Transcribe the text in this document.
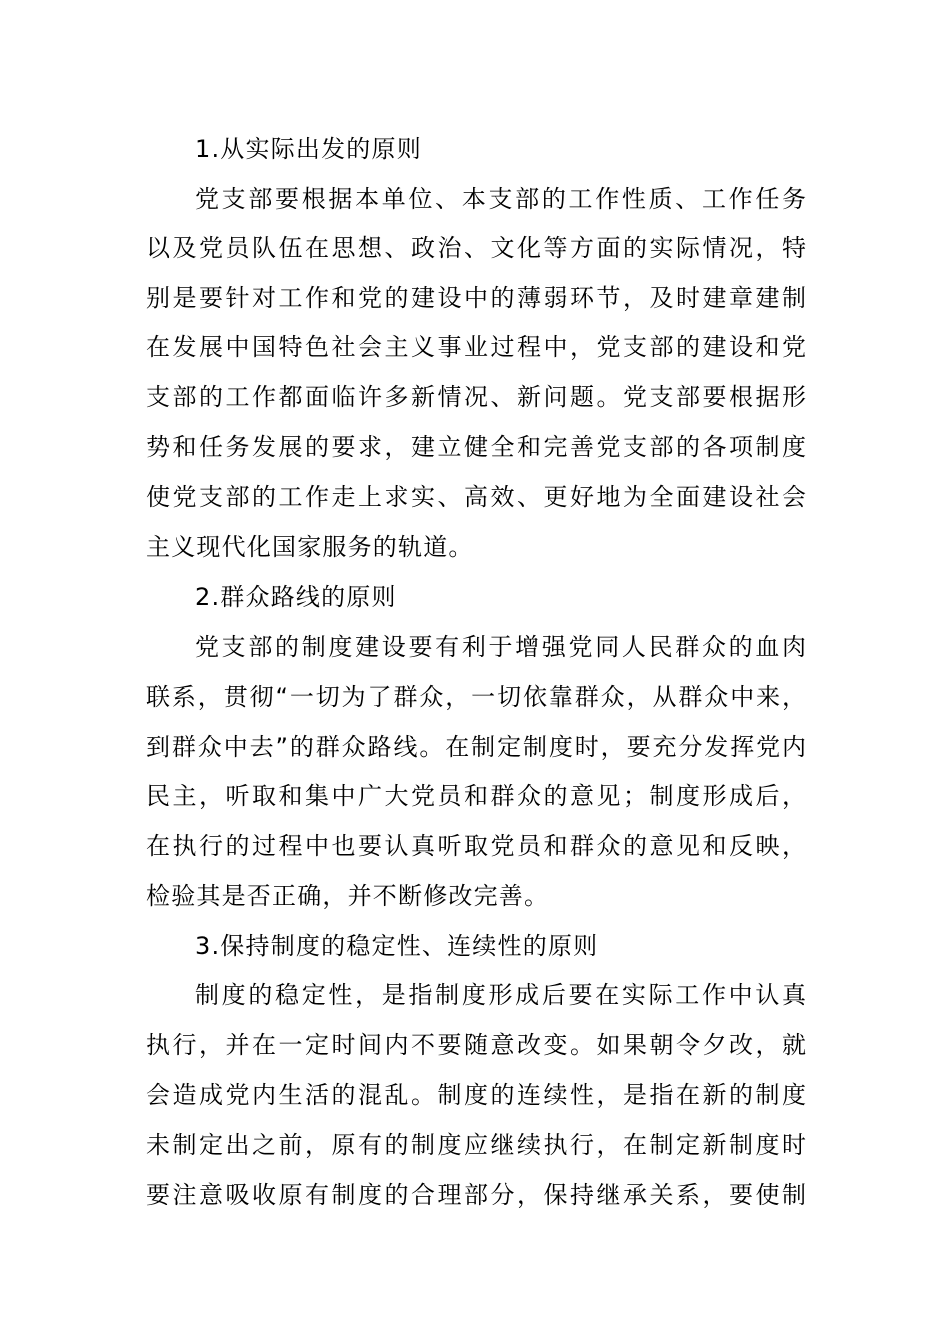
1.从实际出发的原则
党支部要根据本单位、本支部的工作性质、工作任务
以及党员队伍在思想、政治、文化等方面的实际情况，特
别是要针对工作和党的建设中的薄弱环节，及时建章建制
在发展中国特色社会主义事业过程中，党支部的建设和党
支部的工作都面临许多新情况、新问题。党支部要根据形
势和任务发展的要求，建立健全和完善党支部的各项制度
使党支部的工作走上求实、高效、更好地为全面建设社会
主义现代化国家服务的轨道。
2.群众路线的原则
党支部的制度建设要有利于增强党同人民群众的血肉
联系，贯彻“一切为了群众，一切依靠群众，从群众中来，
到群众中去”的群众路线。在制定制度时，要充分发挥党内
民主，听取和集中广大党员和群众的意见；制度形成后，
在执行的过程中也要认真听取党员和群众的意见和反映，
检验其是否正确，并不断修改完善。
3.保持制度的稳定性、连续性的原则
制度的稳定性，是指制度形成后要在实际工作中认真
执行，并在一定时间内不要随意改变。如果朝令夕改，就
会造成党内生活的混乱。制度的连续性，是指在新的制度
未制定出之前，原有的制度应继续执行，在制定新制度时
要注意吸收原有制度的合理部分，保持继承关系，要使制
